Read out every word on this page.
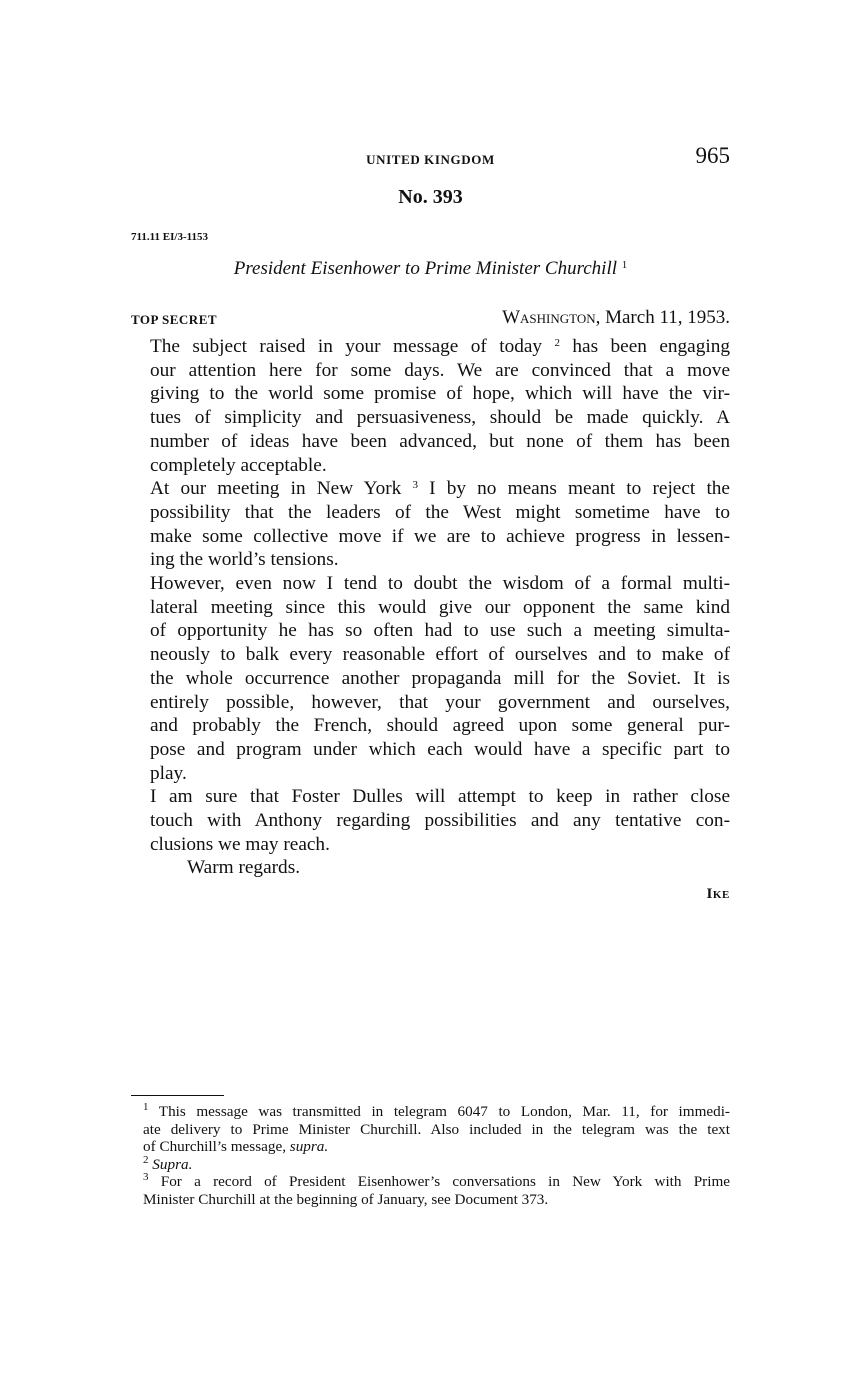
UNITED KINGDOM	965
No. 393
711.11 EI/3-1153
President Eisenhower to Prime Minister Churchill $^1$
TOP SECRET	Washington, March 11, 1953.
The subject raised in your message of today $^2$ has been engaging
our attention here for some days. We are convinced that a move
giving to the world some promise of hope, which will have the vir-
tues of simplicity and persuasiveness, should be made quickly. A
number of ideas have been advanced, but none of them has been
completely acceptable.
At our meeting in New York $^3$ I by no means meant to reject the
possibility that the leaders of the West might sometime have to
make some collective move if we are to achieve progress in lessen-
ing the world’s tensions.
However, even now I tend to doubt the wisdom of a formal multi-
lateral meeting since this would give our opponent the same kind
of opportunity he has so often had to use such a meeting simulta-
neously to balk every reasonable effort of ourselves and to make of
the whole occurrence another propaganda mill for the Soviet. It is
entirely possible, however, that your government and ourselves,
and probably the French, should agreed upon some general pur-
pose and program under which each would have a specific part to
play.
I am sure that Foster Dulles will attempt to keep in rather close
touch with Anthony regarding possibilities and any tentative con-
clusions we may reach.

Warm regards.

Ike
$^1$ This message was transmitted in telegram 6047 to London, Mar. 11, for immedi-
ate delivery to Prime Minister Churchill. Also included in the telegram was the text
of Churchill’s message, supra.
$^2$ Supra.
$^3$ For a record of President Eisenhower’s conversations in New York with Prime
Minister Churchill at the beginning of January, see Document 373.
